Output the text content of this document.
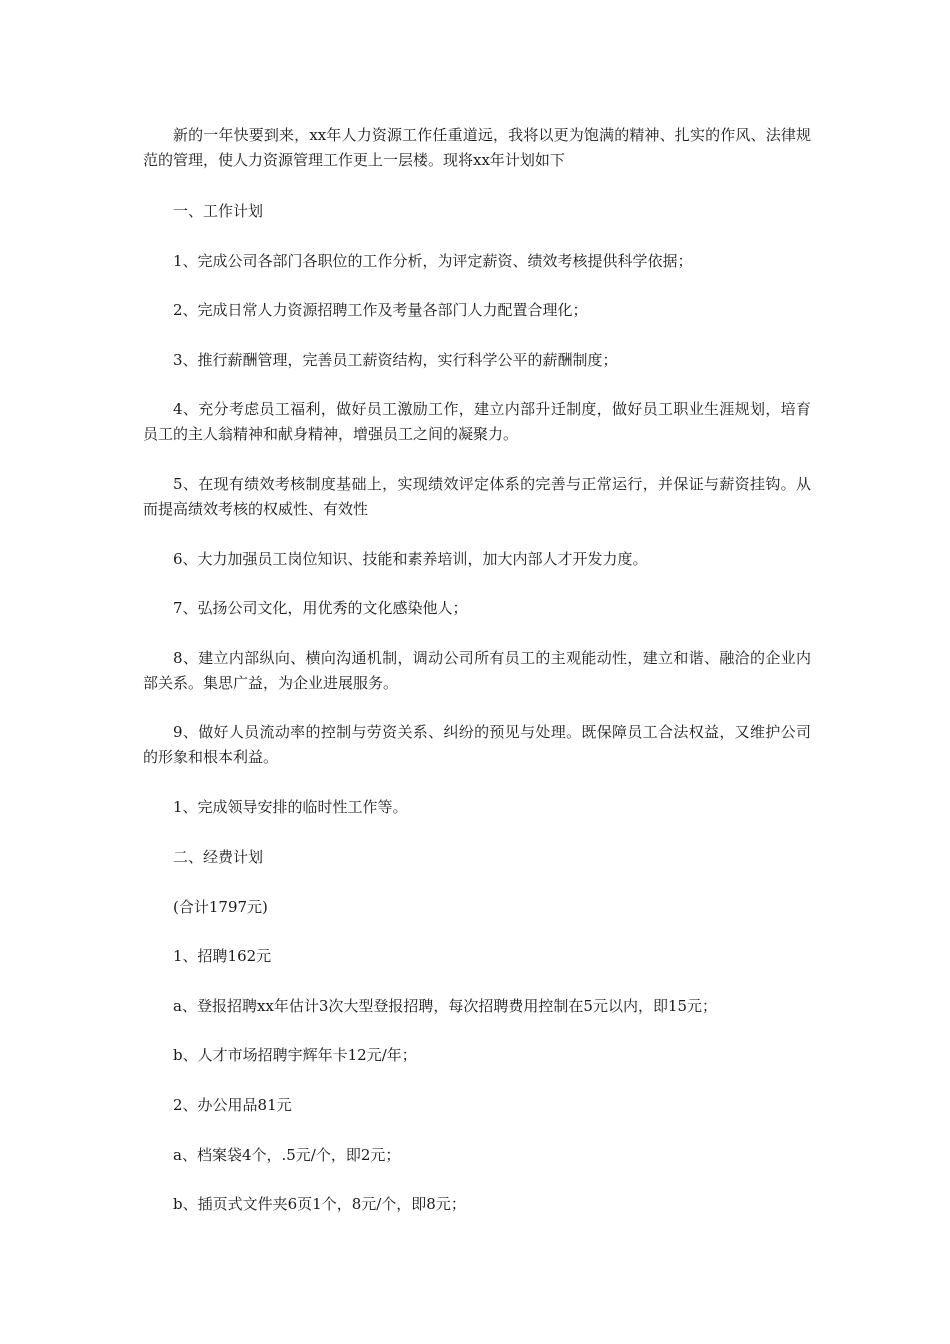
新的一年快要到来，xx年人力资源工作任重道远，我将以更为饱满的精神、扎实的作风、法律规范的管理，使人力资源管理工作更上一层楼。现将xx年计划如下

一、工作计划

1、完成公司各部门各职位的工作分析，为评定薪资、绩效考核提供科学依据；

2、完成日常人力资源招聘工作及考量各部门人力配置合理化；

3、推行薪酬管理，完善员工薪资结构，实行科学公平的薪酬制度；

4、充分考虑员工福利，做好员工激励工作，建立内部升迁制度，做好员工职业生涯规划，培育员工的主人翁精神和献身精神，增强员工之间的凝聚力。

5、在现有绩效考核制度基础上，实现绩效评定体系的完善与正常运行，并保证与薪资挂钩。从而提高绩效考核的权威性、有效性

6、大力加强员工岗位知识、技能和素养培训，加大内部人才开发力度。

7、弘扬公司文化，用优秀的文化感染他人；

8、建立内部纵向、横向沟通机制，调动公司所有员工的主观能动性，建立和谐、融洽的企业内部关系。集思广益，为企业进展服务。

9、做好人员流动率的控制与劳资关系、纠纷的预见与处理。既保障员工合法权益，又维护公司的形象和根本利益。

1、完成领导安排的临时性工作等。

二、经费计划

(合计1797元)

1、招聘162元

a、登报招聘xx年估计3次大型登报招聘，每次招聘费用控制在5元以内，即15元；

b、人才市场招聘宇辉年卡12元/年；

2、办公用品81元

a、档案袋4个，.5元/个，即2元；

b、插页式文件夹6页1个，8元/个，即8元；
